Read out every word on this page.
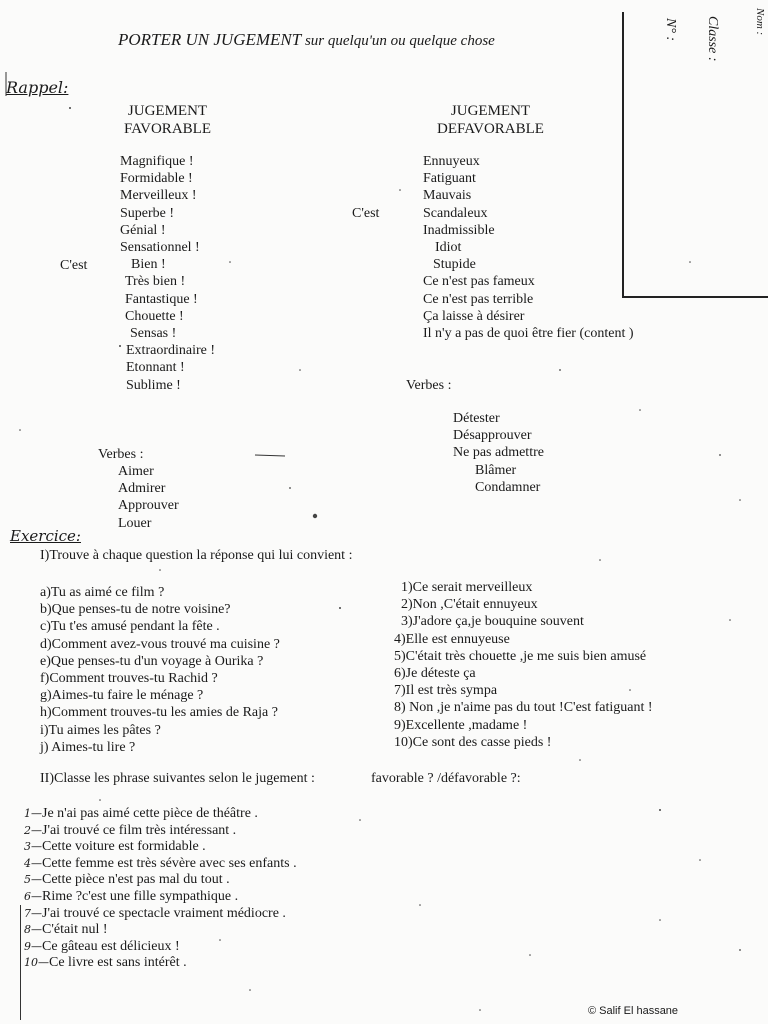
PORTER UN JUGEMENT sur quelqu'un ou quelque chose	Classe :
N° :	Nom :
Rappel:
JUGEMENT
FAVORABLE
JUGEMENT
DEFAVORABLE
C'est
C'est
Magnifique !
Formidable !
Merveilleux !
Superbe !
Génial !
Sensationnel !
Bien !
Très bien !
Fantastique !
Chouette !
Sensas !
Extraordinaire !
Etonnant !
Sublime !
Ennuyeux
Fatiguant
Mauvais
Scandaleux
Inadmissible
Idiot
Stupide
Ce n'est pas fameux
Ce n'est pas terrible
Ça laisse à désirer
Il n'y a pas de quoi être fier (content )
Verbes :
Détester
Désapprouver
Ne pas admettre
Blâmer
Condamner
Verbes :
Aimer
Admirer
Approuver
Louer
Exercice:
I)Trouve à chaque question la réponse qui lui convient :
a)Tu as aimé ce film ?
b)Que penses-tu de notre voisine?
c)Tu t'es amusé pendant la fête .
d)Comment avez-vous trouvé ma cuisine ?
e)Que penses-tu d'un voyage à Ourika ?
f)Comment trouves-tu Rachid ?
g)Aimes-tu faire le ménage ?
h)Comment trouves-tu les amies de Raja ?
i)Tu aimes les pâtes ?
j) Aimes-tu lire ?
1)Ce serait merveilleux
2)Non ,C'était ennuyeux
3)J'adore ça,je bouquine souvent
4)Elle est ennuyeuse
5)C'était très chouette ,je me suis bien amusé
6)Je déteste ça
7)Il est très sympa
8) Non ,je n'aime pas du tout !C'est fatiguant !
9)Excellente ,madame !
10)Ce sont des casse pieds !
II)Classe les phrase suivantes selon le jugement :	favorable ? /défavorable ?:
1—Je n'ai pas aimé cette pièce de théâtre .
2—J'ai trouvé ce film très intéressant .
3—Cette voiture est formidable .
4—Cette femme est très sévère avec ses enfants .
5—Cette pièce n'est pas mal du tout .
6—Rime ?c'est une fille sympathique .
7—J'ai trouvé ce spectacle vraiment médiocre .
8—C'était nul !
9—Ce gâteau est délicieux !
10—Ce livre est sans intérêt .
© Salif El hassane
